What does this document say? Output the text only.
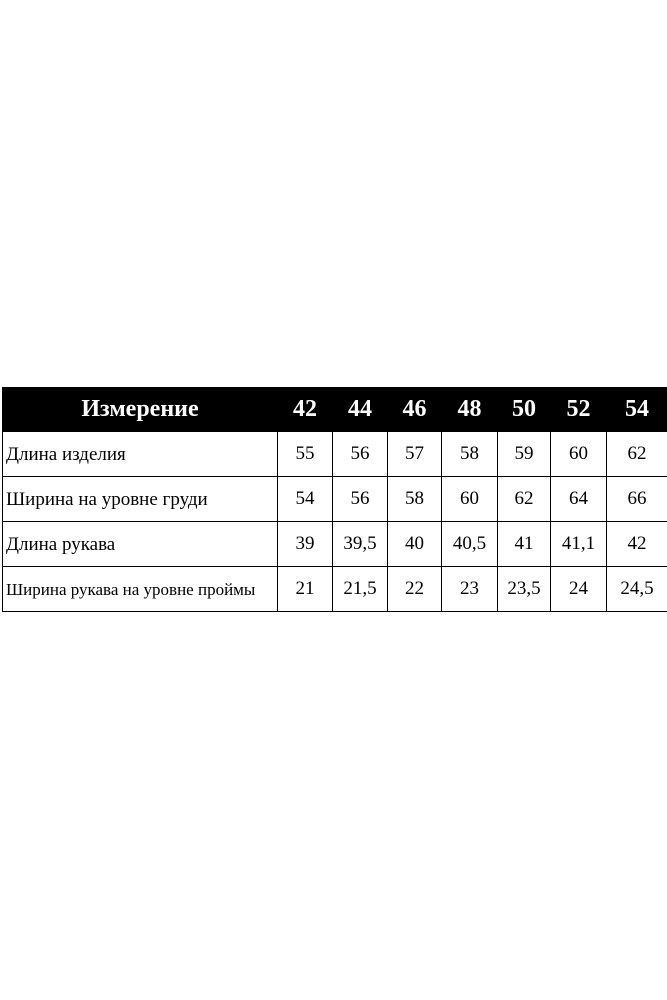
Измерение	42	44	46	48	50	52	54
Длина изделия	55	56	57	58	59	60	62
Ширина на уровне груди	54	56	58	60	62	64	66
Длина рукава	39	39,5	40	40,5	41	41,1	42
Ширина рукава на уровне проймы	21	21,5	22	23	23,5	24	24,5
